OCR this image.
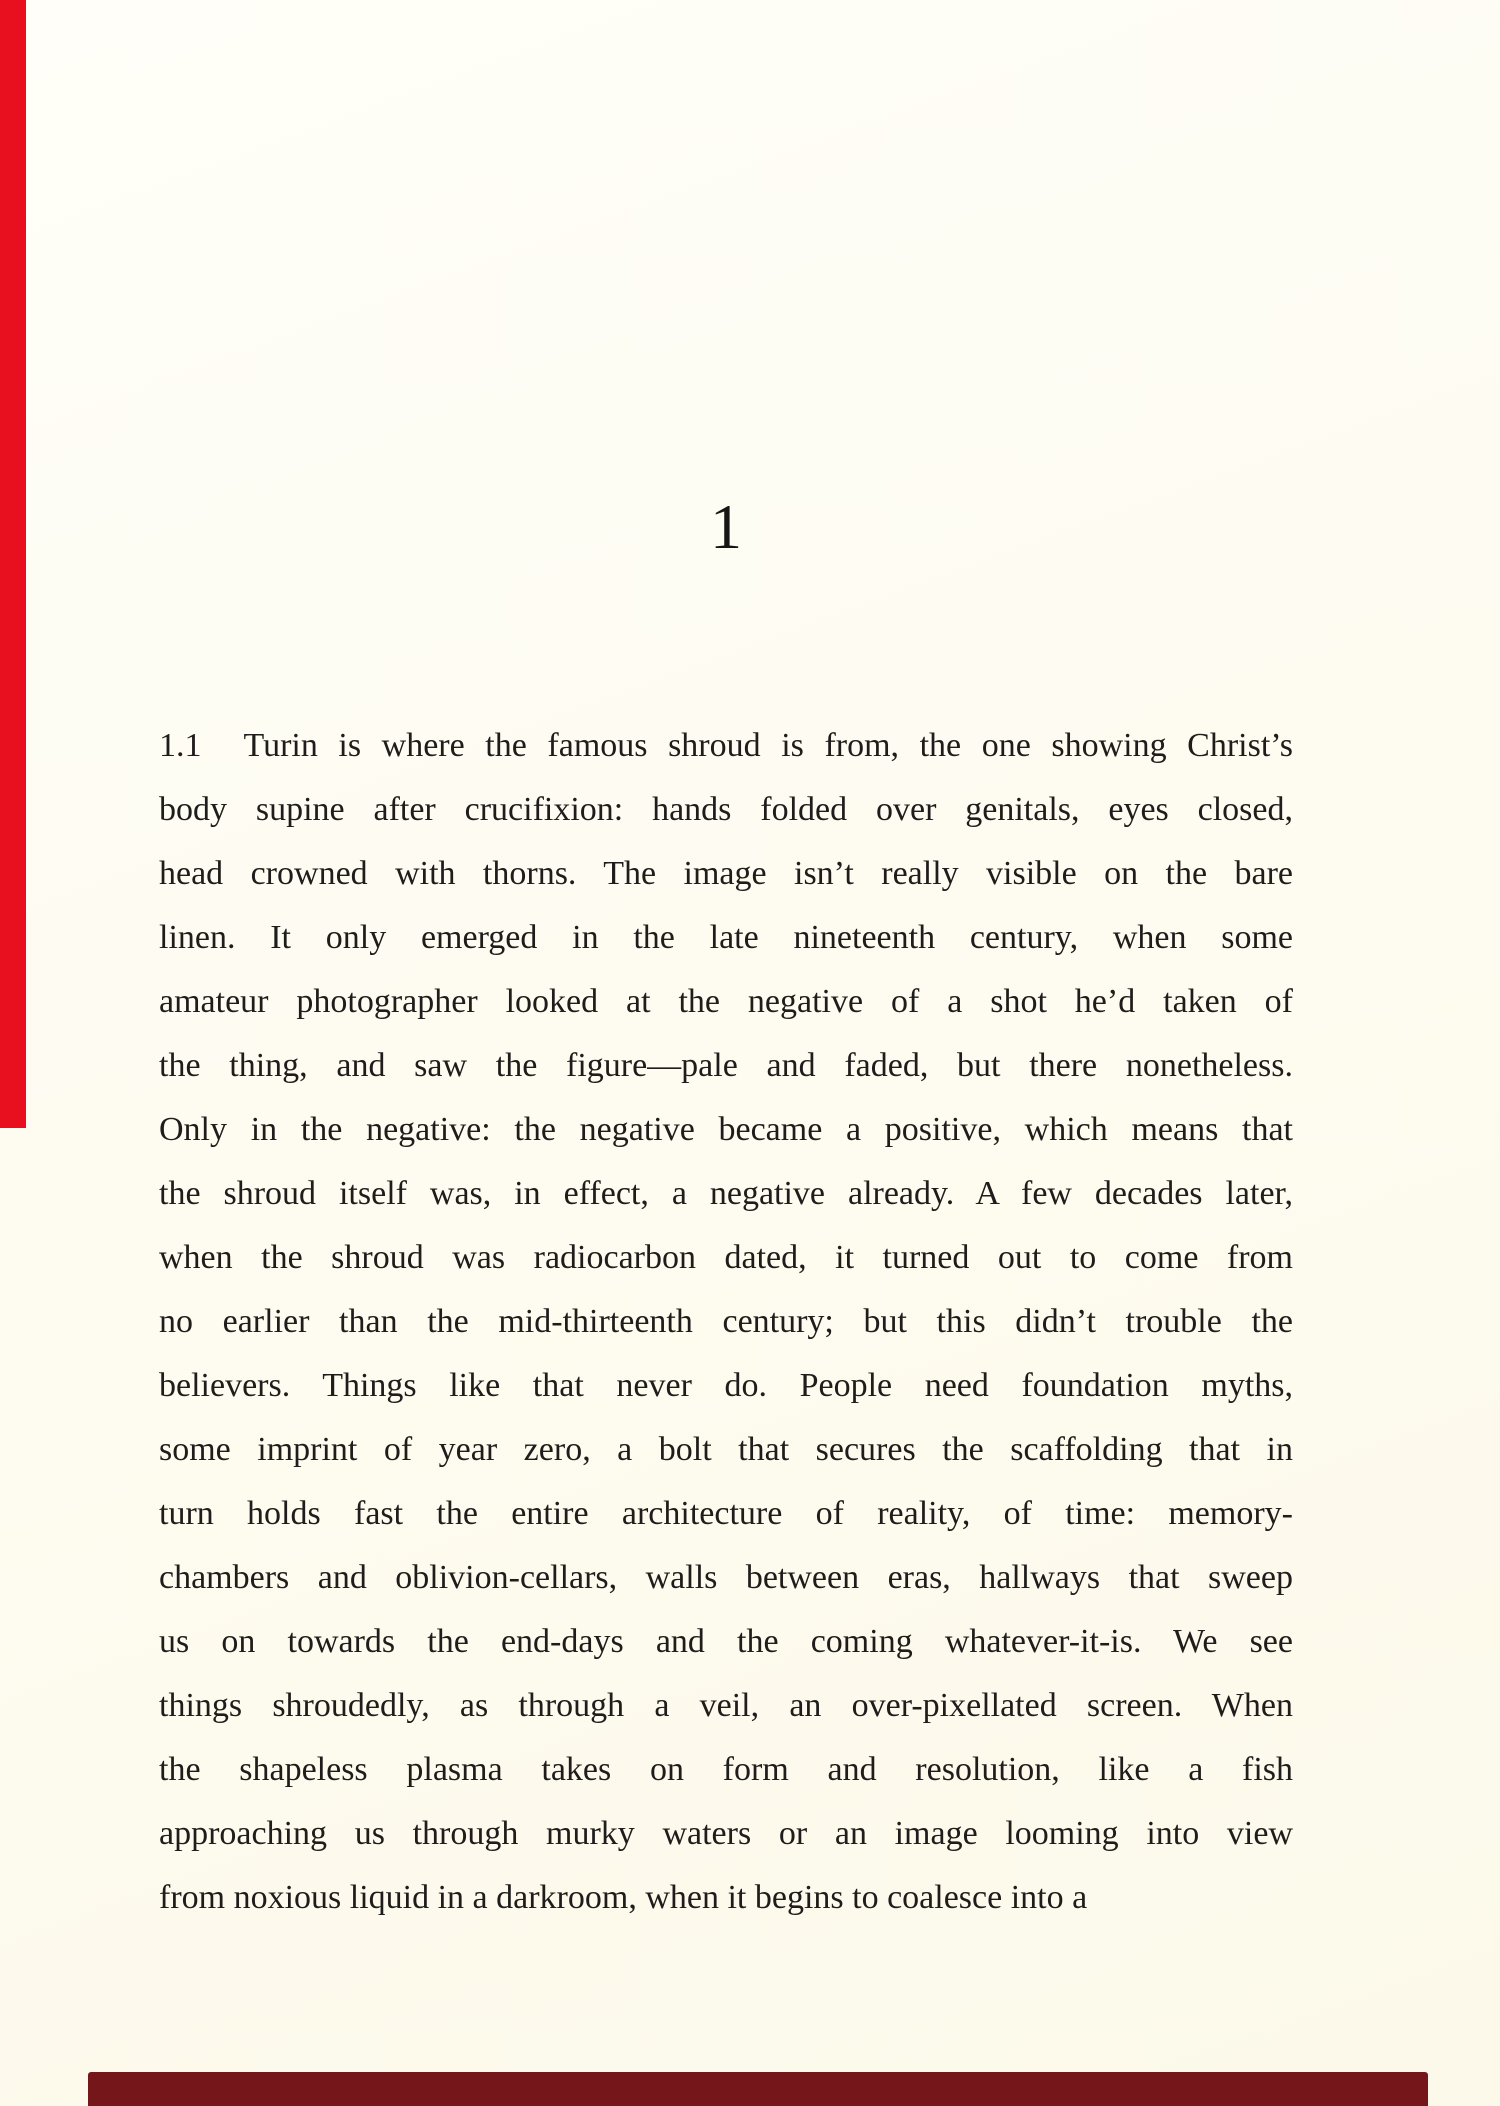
1
1.1 Turin is where the famous shroud is from, the one showing Christ’s
body supine after crucifixion: hands folded over genitals, eyes closed,
head crowned with thorns. The image isn’t really visible on the bare
linen. It only emerged in the late nineteenth century, when some
amateur photographer looked at the negative of a shot he’d taken of
the thing, and saw the figure—pale and faded, but there nonetheless.
Only in the negative: the negative became a positive, which means that
the shroud itself was, in effect, a negative already. A few decades later,
when the shroud was radiocarbon dated, it turned out to come from
no earlier than the mid-thirteenth century; but this didn’t trouble the
believers. Things like that never do. People need foundation myths,
some imprint of year zero, a bolt that secures the scaffolding that in
turn holds fast the entire architecture of reality, of time: memory-
chambers and oblivion-cellars, walls between eras, hallways that sweep
us on towards the end-days and the coming whatever-it-is. We see
things shroudedly, as through a veil, an over-pixellated screen. When
the shapeless plasma takes on form and resolution, like a fish
approaching us through murky waters or an image looming into view
from noxious liquid in a darkroom, when it begins to coalesce into a
